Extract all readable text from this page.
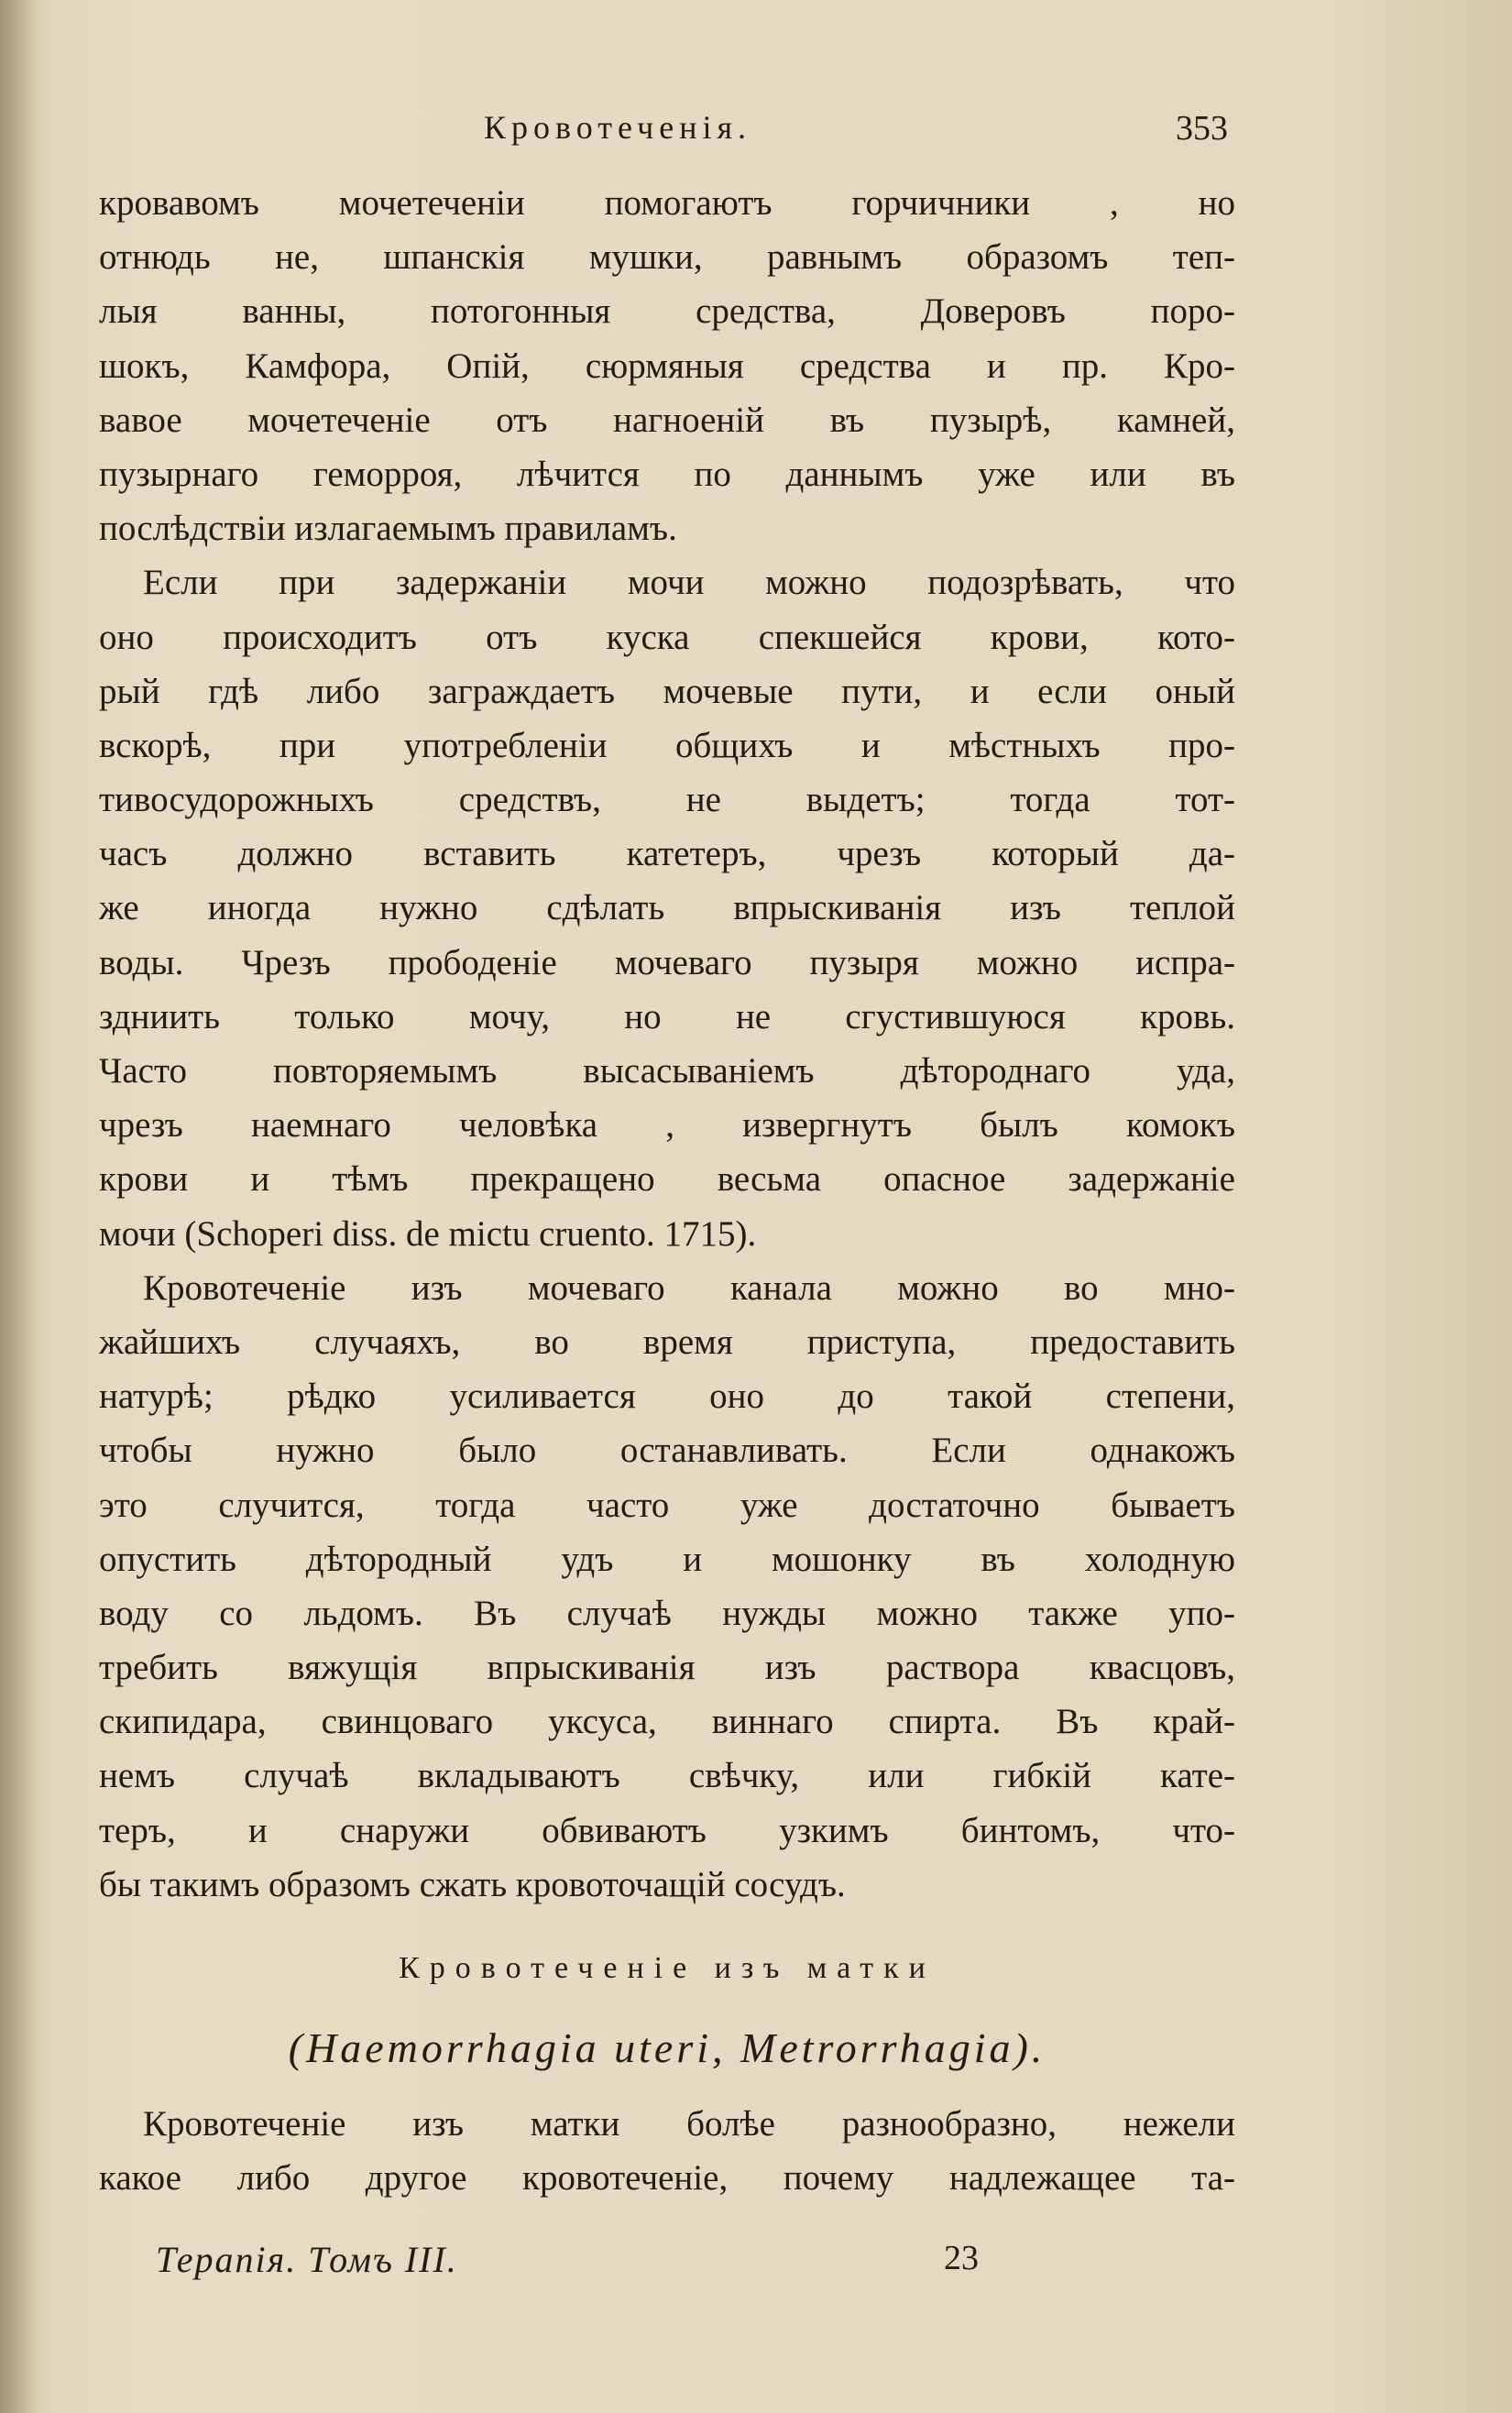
Кровотеченія.	353
кровавомъ мочетеченіи помогаютъ горчичники , но
отнюдь не, шпанскія мушки, равнымъ образомъ теп-
лыя ванны, потогонныя средства, Доверовъ поро-
шокъ, Камфора, Опій, сюрмяныя средства и пр. Кро-
вавое мочетеченіе отъ нагноеній въ пузырѣ, камней,
пузырнаго геморроя, лѣчится по даннымъ уже или въ
послѣдствіи излагаемымъ правиламъ.
Если при задержаніи мочи можно подозрѣвать, что
оно происходитъ отъ куска спекшейся крови, кото-
рый гдѣ либо заграждаетъ мочевые пути, и если оный
вскорѣ, при употребленіи общихъ и мѣстныхъ про-
тивосудорожныхъ средствъ, не выдетъ; тогда тот-
часъ должно вставить катетеръ, чрезъ который да-
же иногда нужно сдѣлать впрыскиванія изъ теплой
воды. Чрезъ прободеніе мочеваго пузыря можно испра-
здниить только мочу, но не сгустившуюся кровь.
Часто повторяемымъ высасываніемъ дѣтороднаго уда,
чрезъ наемнаго человѣка , извергнутъ былъ комокъ
крови и тѣмъ прекращено весьма опасное задержаніе
мочи (Schoperi diss. de mictu cruento. 1715).
Кровотеченіе изъ мочеваго канала можно во мно-
жайшихъ случаяхъ, во время приступа, предоставить
натурѣ; рѣдко усиливается оно до такой степени,
чтобы нужно было останавливать. Если однакожъ
это случится, тогда часто уже достаточно бываетъ
опустить дѣтородный удъ и мошонку въ холодную
воду со льдомъ. Въ случаѣ нужды можно также упо-
требить вяжущія впрыскиванія изъ раствора квасцовъ,
скипидара, свинцоваго уксуса, виннаго спирта. Въ край-
немъ случаѣ вкладываютъ свѣчку, или гибкій кате-
теръ, и снаружи обвиваютъ узкимъ бинтомъ, что-
бы такимъ образомъ сжать кровоточащій сосудъ.
Кровотеченіе изъ матки
(Haemorrhagia uteri, Metrorrhagia).
Кровотеченіе изъ матки болѣе разнообразно, нежели
какое либо другое кровотеченіе, почему надлежащее та-
Терапія. Томъ III.	23
